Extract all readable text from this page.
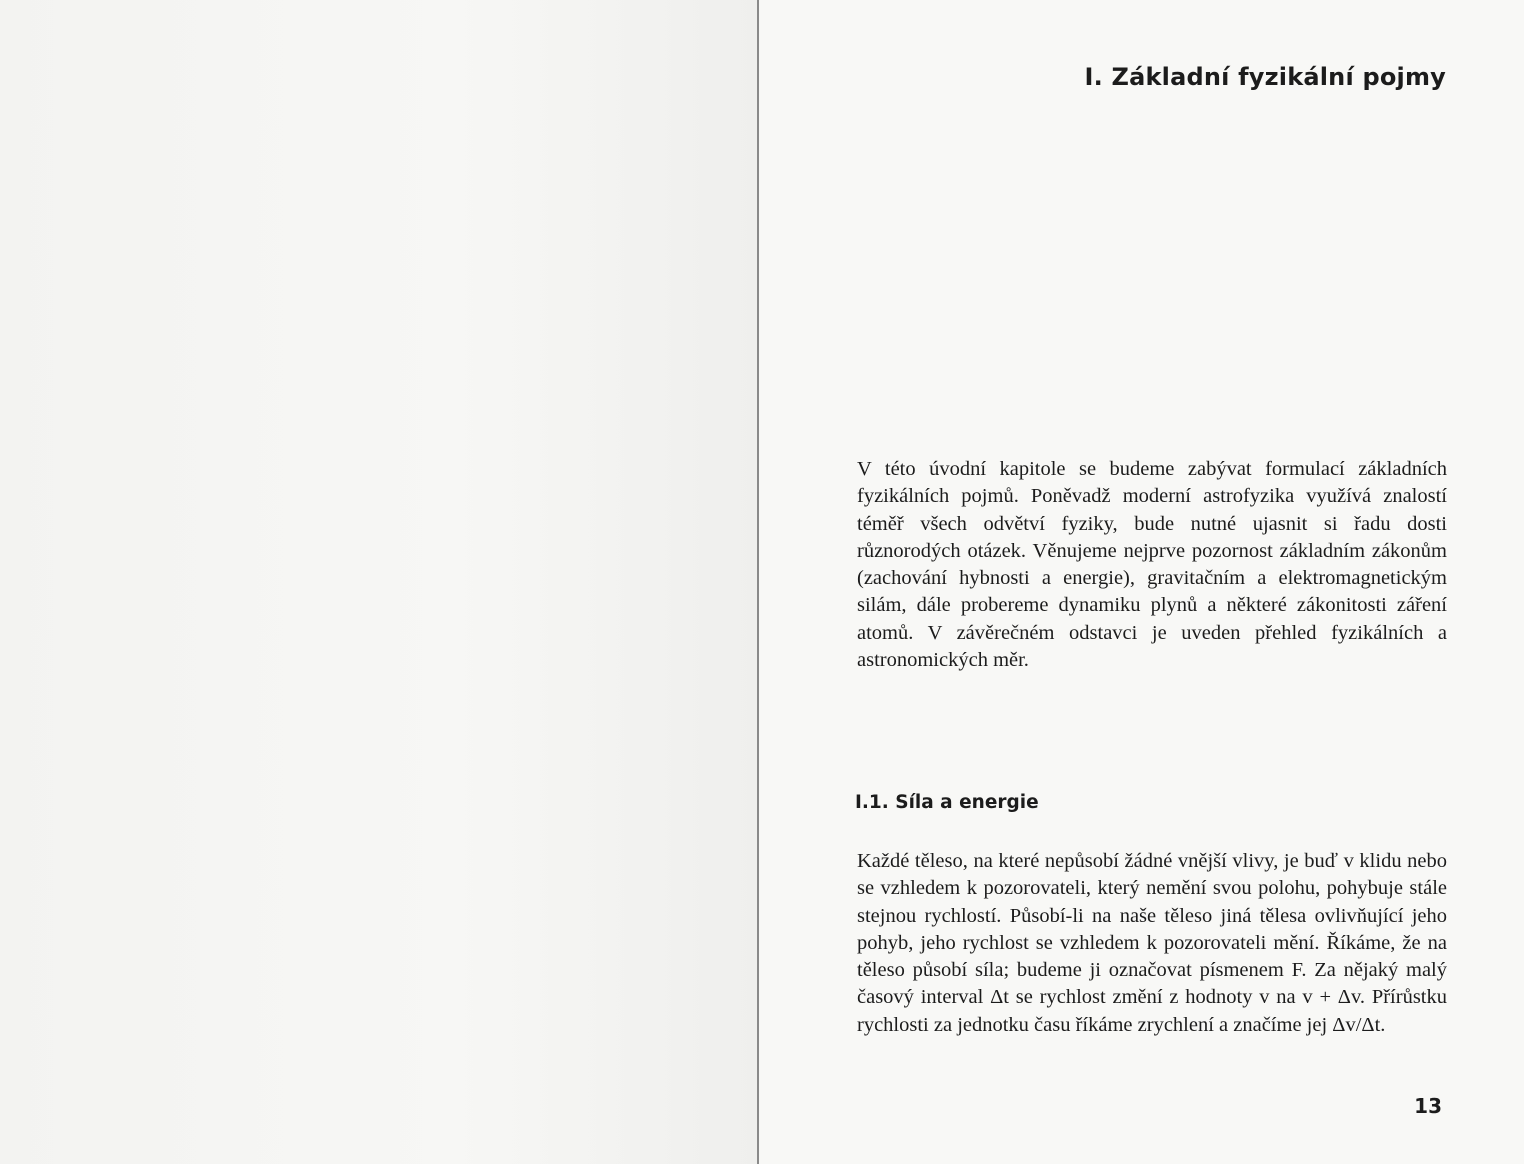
I. Základní fyzikální pojmy

V této úvodní kapitole se budeme zabývat formulací základních fyzikálních pojmů. Poněvadž moderní astrofyzika využívá znalostí téměř všech odvětví fyziky, bude nutné ujasnit si řadu dosti různorodých otázek. Věnujeme nejprve pozornost základním zákonům (zachování hybnosti a energie), gravitačním a elektromagnetickým silám, dále probereme dynamiku plynů a některé zákonitosti záření atomů. V závěrečném odstavci je uveden přehled fyzikálních a astronomických měr.

I.1. Síla a energie

Každé těleso, na které nepůsobí žádné vnější vlivy, je buď v klidu nebo se vzhledem k pozorovateli, který nemění svou polohu, pohybuje stále stejnou rychlostí. Působí-li na naše těleso jiná tělesa ovlivňující jeho pohyb, jeho rychlost se vzhledem k pozorovateli mění. Říkáme, že na těleso působí síla; budeme ji označovat písmenem F. Za nějaký malý časový interval Δt se rychlost změní z hodnoty v na v + Δv. Přírůstku rychlosti za jednotku času říkáme zrychlení a značíme jej Δv/Δt.

13
